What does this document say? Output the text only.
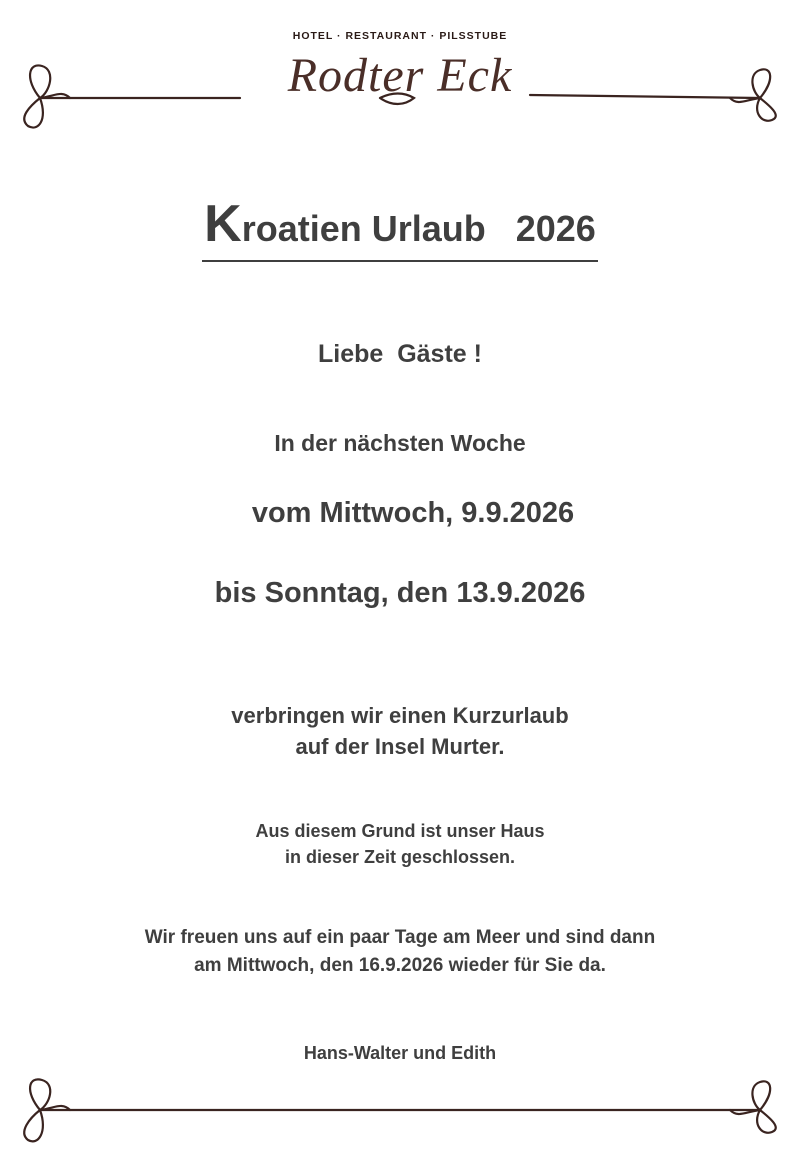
HOTEL · RESTAURANT · PILSSTUBE
Rodter Eck
Kroatien Urlaub   2026
Liebe  Gäste !
In der nächsten Woche
vom Mittwoch, 9.9.2026
bis Sonntag, den 13.9.2026
verbringen wir einen Kurzurlaub
auf der Insel Murter.
Aus diesem Grund ist unser Haus
in dieser Zeit geschlossen.
Wir freuen uns auf ein paar Tage am Meer und sind dann
am Mittwoch, den 16.9.2026 wieder für Sie da.
Hans-Walter und Edith
